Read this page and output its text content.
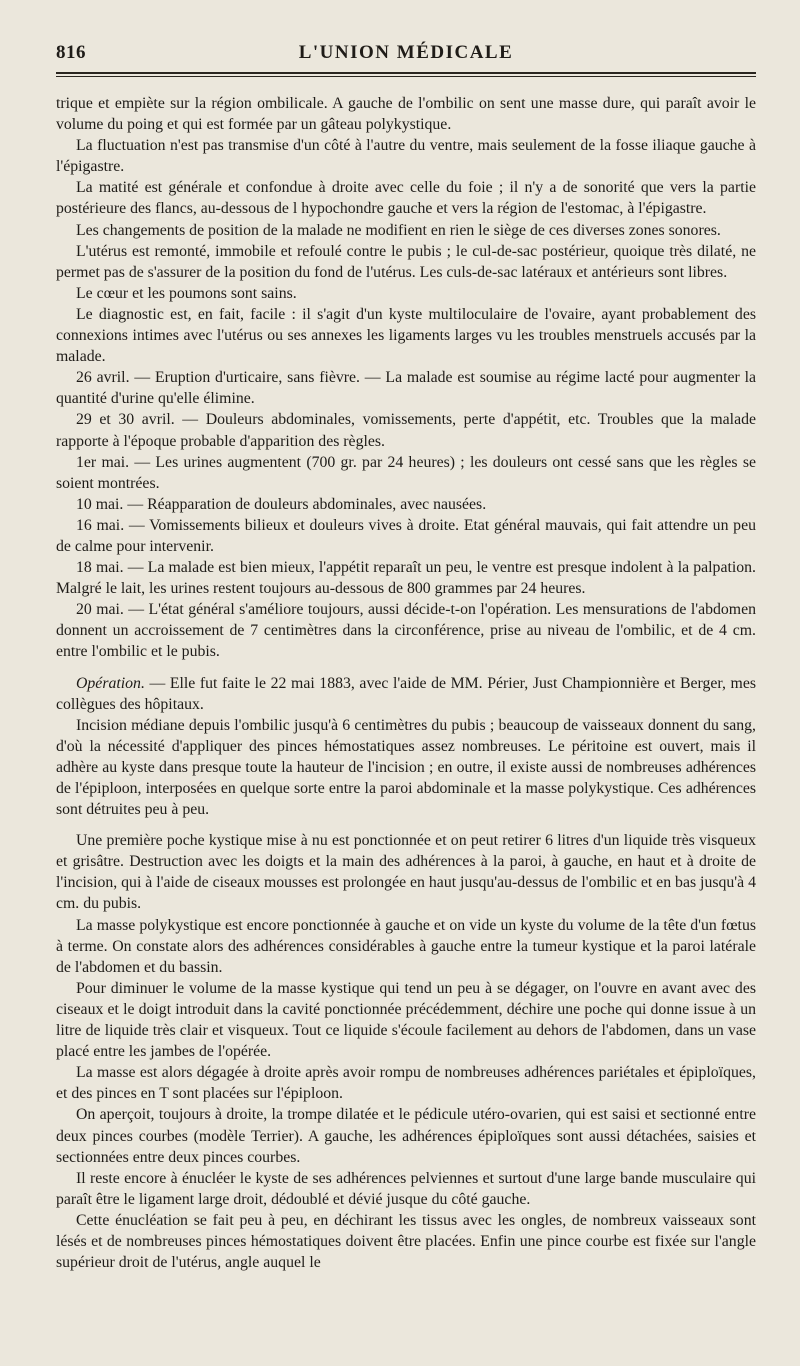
816	L'UNION MÉDICALE

trique et empiète sur la région ombilicale. A gauche de l'ombilic on sent une masse dure, qui paraît avoir le volume du poing et qui est formée par un gâteau polykystique.

La fluctuation n'est pas transmise d'un côté à l'autre du ventre, mais seulement de la fosse iliaque gauche à l'épigastre.

La matité est générale et confondue à droite avec celle du foie ; il n'y a de sonorité que vers la partie postérieure des flancs, au-dessous de l hypochondre gauche et vers la région de l'estomac, à l'épigastre.

Les changements de position de la malade ne modifient en rien le siège de ces diverses zones sonores.

L'utérus est remonté, immobile et refoulé contre le pubis ; le cul-de-sac postérieur, quoique très dilaté, ne permet pas de s'assurer de la position du fond de l'utérus. Les culs-de-sac latéraux et antérieurs sont libres.

Le cœur et les poumons sont sains.

Le diagnostic est, en fait, facile : il s'agit d'un kyste multiloculaire de l'ovaire, ayant probablement des connexions intimes avec l'utérus ou ses annexes les ligaments larges vu les troubles menstruels accusés par la malade.

26 avril. — Eruption d'urticaire, sans fièvre. — La malade est soumise au régime lacté pour augmenter la quantité d'urine qu'elle élimine.

29 et 30 avril. — Douleurs abdominales, vomissements, perte d'appétit, etc. Troubles que la malade rapporte à l'époque probable d'apparition des règles.

1er mai. — Les urines augmentent (700 gr. par 24 heures) ; les douleurs ont cessé sans que les règles se soient montrées.

10 mai. — Réapparation de douleurs abdominales, avec nausées.

16 mai. — Vomissements bilieux et douleurs vives à droite. Etat général mauvais, qui fait attendre un peu de calme pour intervenir.

18 mai. — La malade est bien mieux, l'appétit reparaît un peu, le ventre est presque indolent à la palpation. Malgré le lait, les urines restent toujours au-dessous de 800 grammes par 24 heures.

20 mai. — L'état général s'améliore toujours, aussi décide-t-on l'opération. Les mensurations de l'abdomen donnent un accroissement de 7 centimètres dans la circonférence, prise au niveau de l'ombilic, et de 4 cm. entre l'ombilic et le pubis.

Opération. — Elle fut faite le 22 mai 1883, avec l'aide de MM. Périer, Just Championnière et Berger, mes collègues des hôpitaux.

Incision médiane depuis l'ombilic jusqu'à 6 centimètres du pubis ; beaucoup de vaisseaux donnent du sang, d'où la nécessité d'appliquer des pinces hémostatiques assez nombreuses. Le péritoine est ouvert, mais il adhère au kyste dans presque toute la hauteur de l'incision ; en outre, il existe aussi de nombreuses adhérences de l'épiploon, interposées en quelque sorte entre la paroi abdominale et la masse polykystique. Ces adhérences sont détruites peu à peu.

Une première poche kystique mise à nu est ponctionnée et on peut retirer 6 litres d'un liquide très visqueux et grisâtre. Destruction avec les doigts et la main des adhérences à la paroi, à gauche, en haut et à droite de l'incision, qui à l'aide de ciseaux mousses est prolongée en haut jusqu'au-dessus de l'ombilic et en bas jusqu'à 4 cm. du pubis.

La masse polykystique est encore ponctionnée à gauche et on vide un kyste du volume de la tête d'un fœtus à terme. On constate alors des adhérences considérables à gauche entre la tumeur kystique et la paroi latérale de l'abdomen et du bassin.

Pour diminuer le volume de la masse kystique qui tend un peu à se dégager, on l'ouvre en avant avec des ciseaux et le doigt introduit dans la cavité ponctionnée précédemment, déchire une poche qui donne issue à un litre de liquide très clair et visqueux. Tout ce liquide s'écoule facilement au dehors de l'abdomen, dans un vase placé entre les jambes de l'opérée.

La masse est alors dégagée à droite après avoir rompu de nombreuses adhérences pariétales et épiploïques, et des pinces en T sont placées sur l'épiploon.

On aperçoit, toujours à droite, la trompe dilatée et le pédicule utéro-ovarien, qui est saisi et sectionné entre deux pinces courbes (modèle Terrier). A gauche, les adhérences épiploïques sont aussi détachées, saisies et sectionnées entre deux pinces courbes.

Il reste encore à énucléer le kyste de ses adhérences pelviennes et surtout d'une large bande musculaire qui paraît être le ligament large droit, dédoublé et dévié jusque du côté gauche.

Cette énucléation se fait peu à peu, en déchirant les tissus avec les ongles, de nombreux vaisseaux sont lésés et de nombreuses pinces hémostatiques doivent être placées. Enfin une pince courbe est fixée sur l'angle supérieur droit de l'utérus, angle auquel le
